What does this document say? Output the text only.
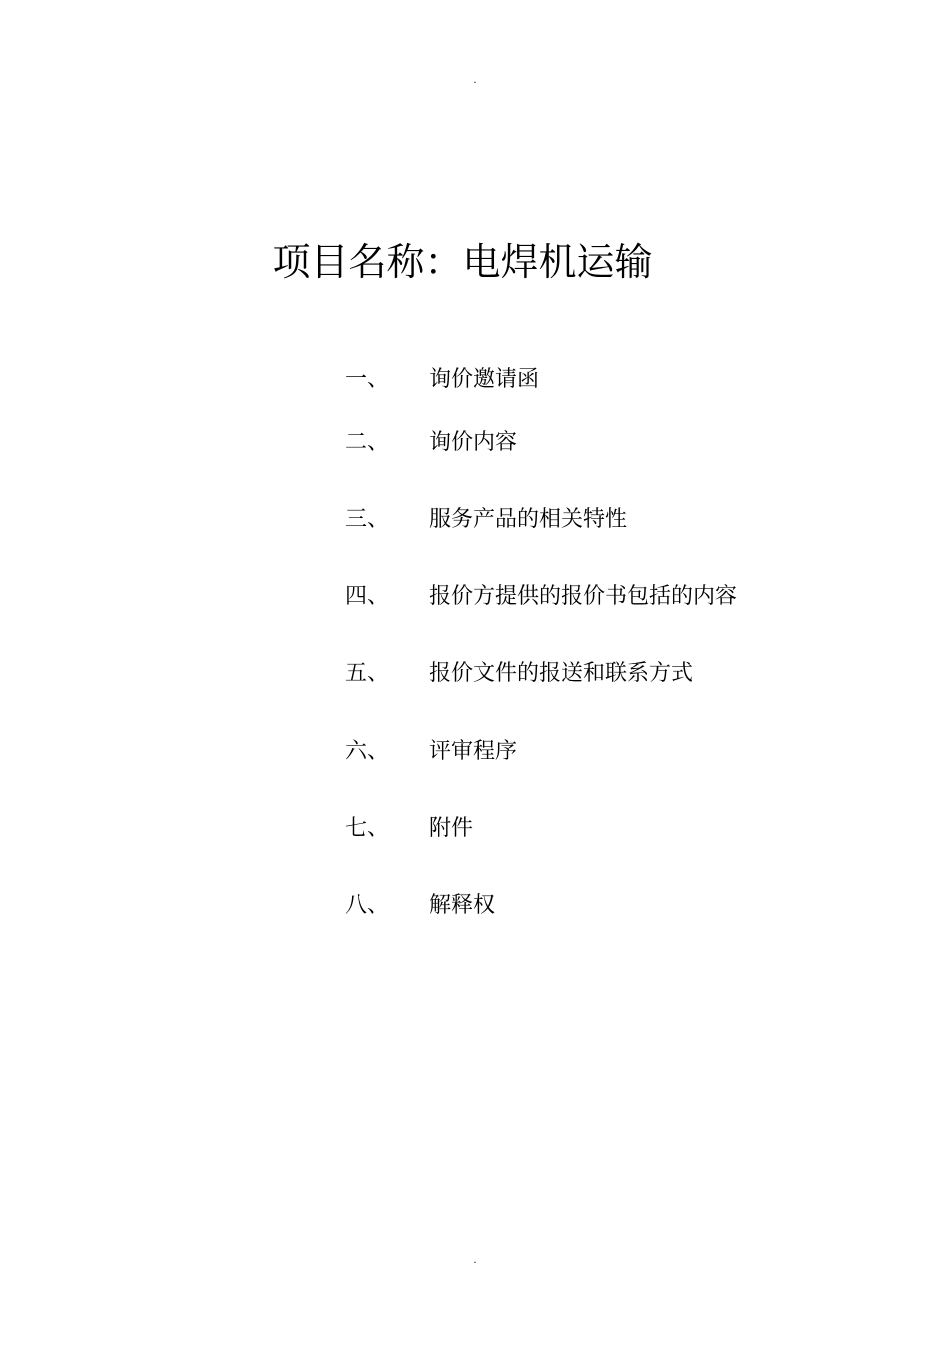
.
项目名称：电焊机运输
一、 询价邀请函
二、 询价内容
三、 服务产品的相关特性
四、 报价方提供的报价书包括的内容
五、 报价文件的报送和联系方式
六、 评审程序
七、 附件
八、 解释权
.
